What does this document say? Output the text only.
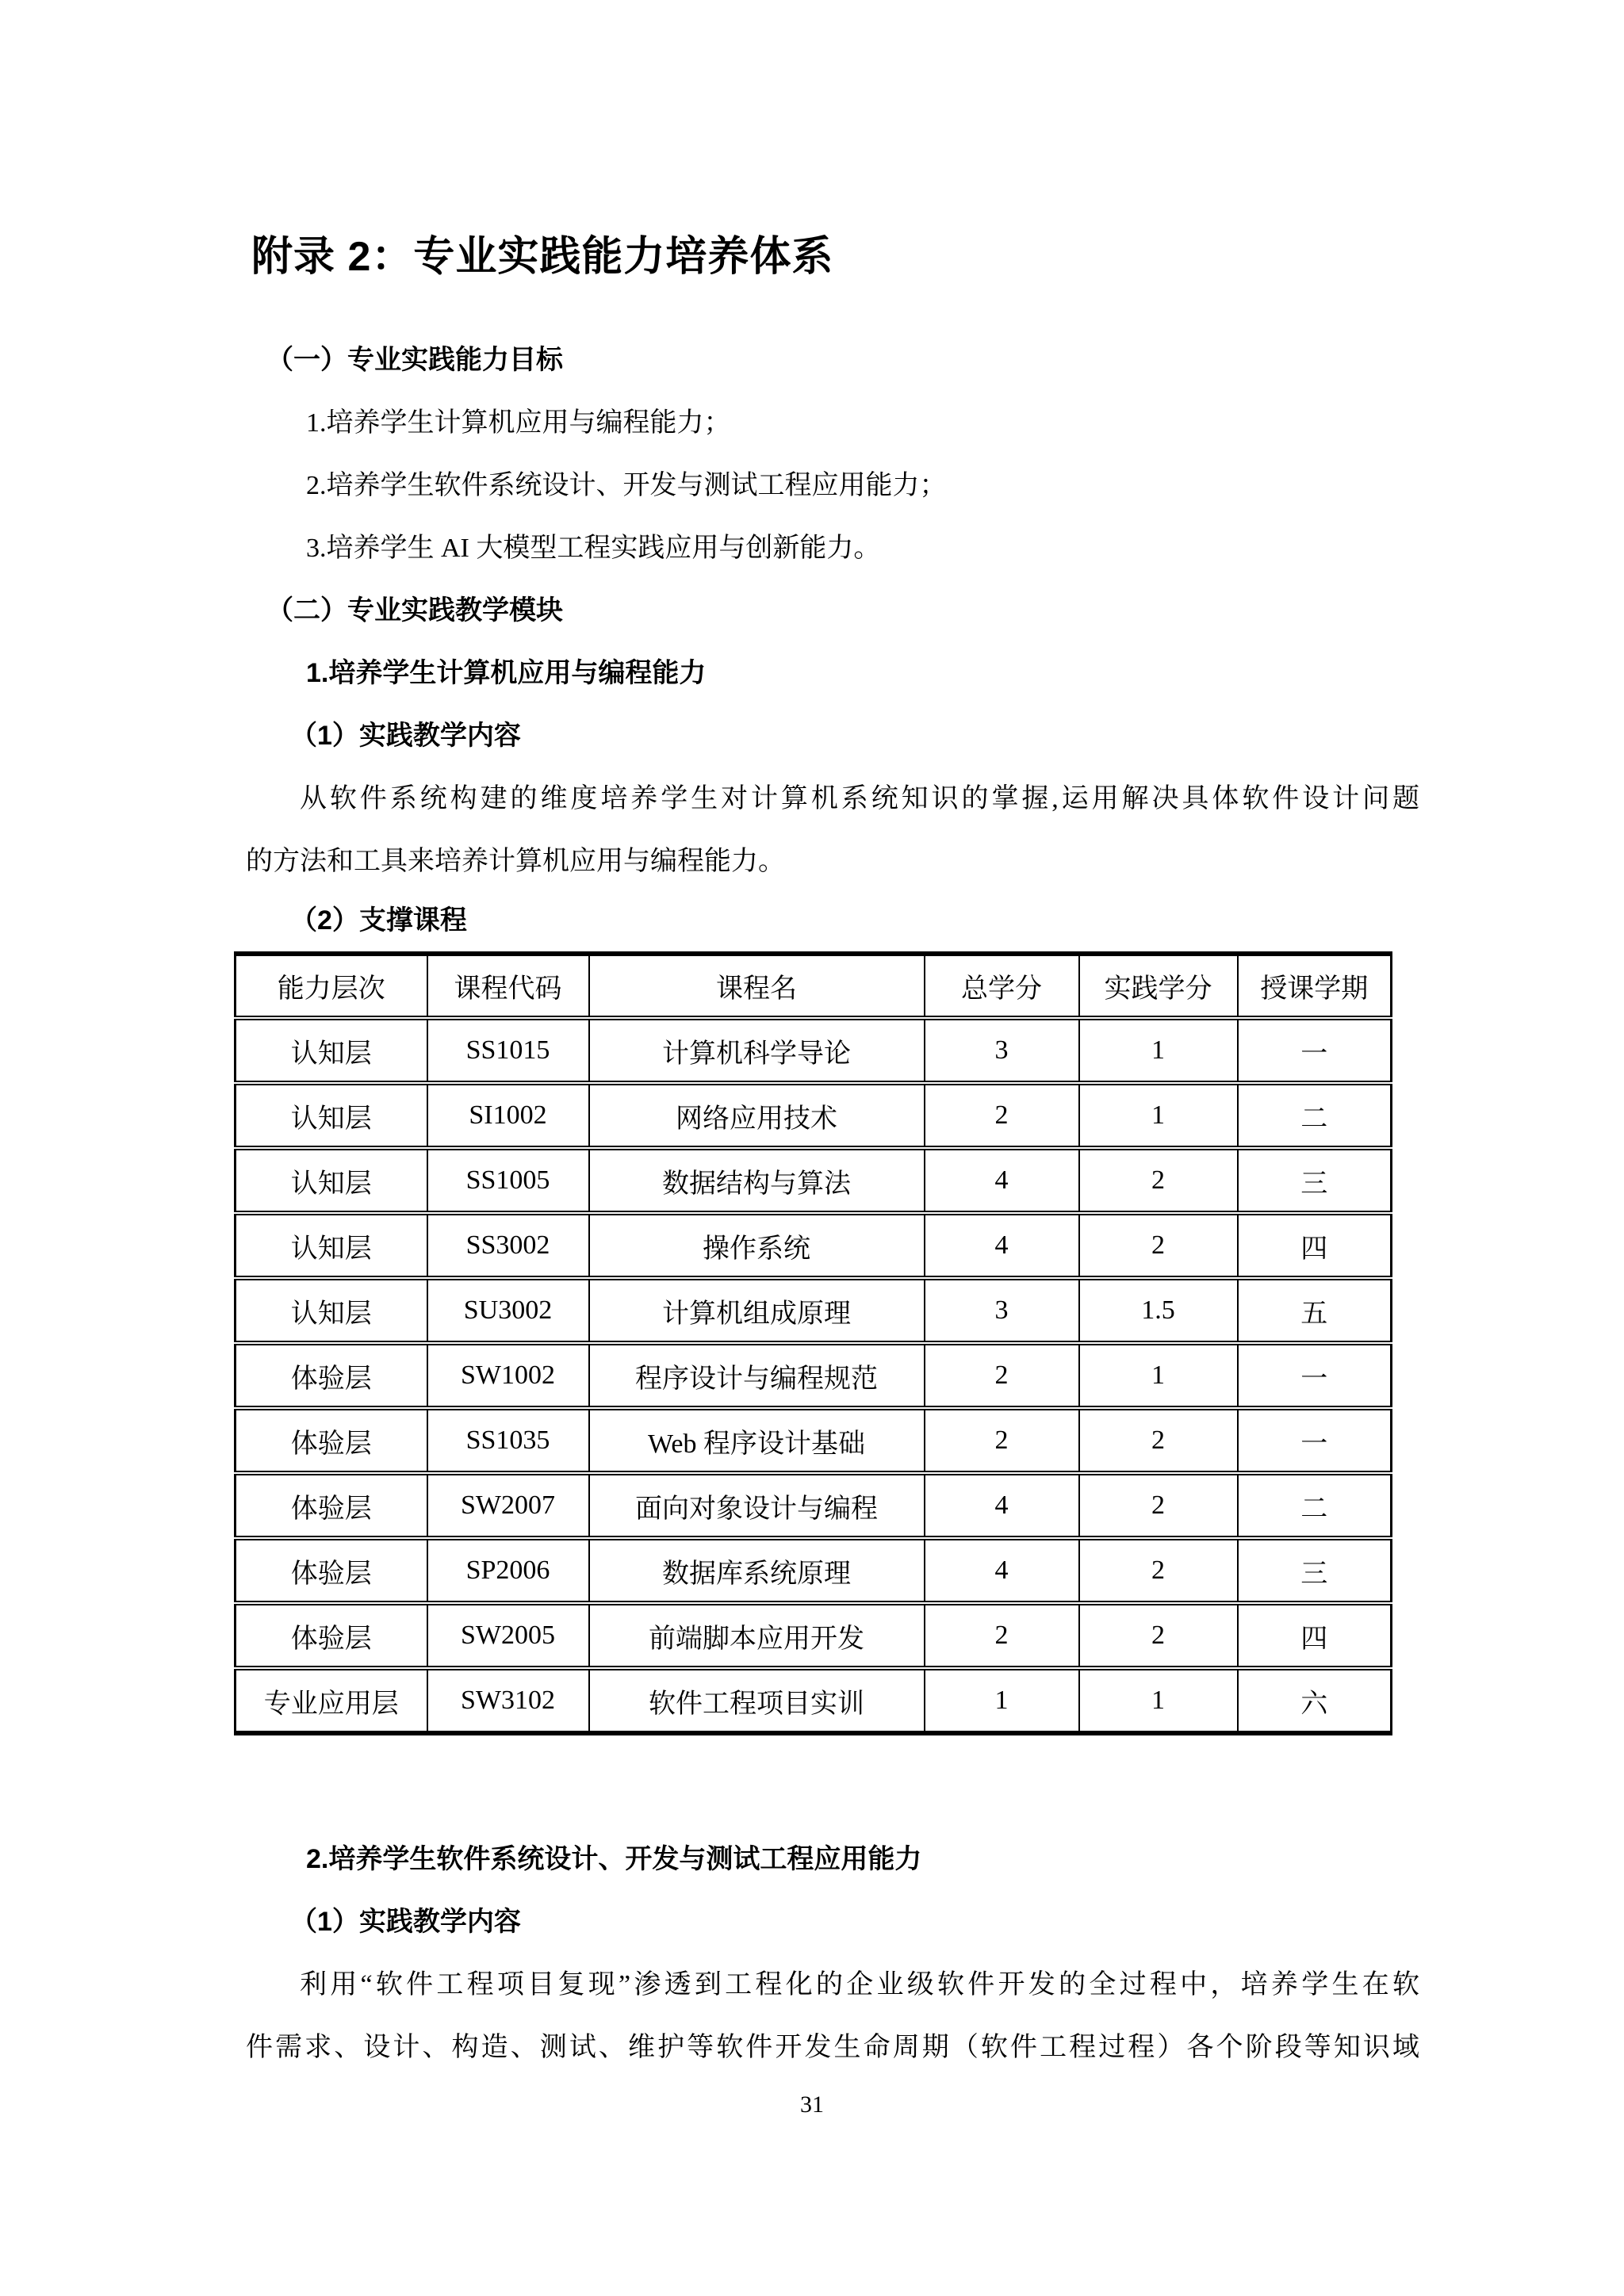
附录 2：专业实践能力培养体系
（一）专业实践能力目标
1.培养学生计算机应用与编程能力；
2.培养学生软件系统设计、开发与测试工程应用能力；
3.培养学生 AI 大模型工程实践应用与创新能力。
（二）专业实践教学模块
1.培养学生计算机应用与编程能力
（1）实践教学内容
从软件系统构建的维度培养学生对计算机系统知识的掌握,运用解决具体软件设计问题
的方法和工具来培养计算机应用与编程能力。
（2）支撑课程
能力层次	课程代码	课程名	总学分	实践学分	授课学期
认知层	SS1015	计算机科学导论	3	1	一
认知层	SI1002	网络应用技术	2	1	二
认知层	SS1005	数据结构与算法	4	2	三
认知层	SS3002	操作系统	4	2	四
认知层	SU3002	计算机组成原理	3	1.5	五
体验层	SW1002	程序设计与编程规范	2	1	一
体验层	SS1035	Web 程序设计基础	2	2	一
体验层	SW2007	面向对象设计与编程	4	2	二
体验层	SP2006	数据库系统原理	4	2	三
体验层	SW2005	前端脚本应用开发	2	2	四
专业应用层	SW3102	软件工程项目实训	1	1	六
2.培养学生软件系统设计、开发与测试工程应用能力
（1）实践教学内容
利用“软件工程项目复现”渗透到工程化的企业级软件开发的全过程中，培养学生在软
件需求、设计、构造、测试、维护等软件开发生命周期（软件工程过程）各个阶段等知识域
31
